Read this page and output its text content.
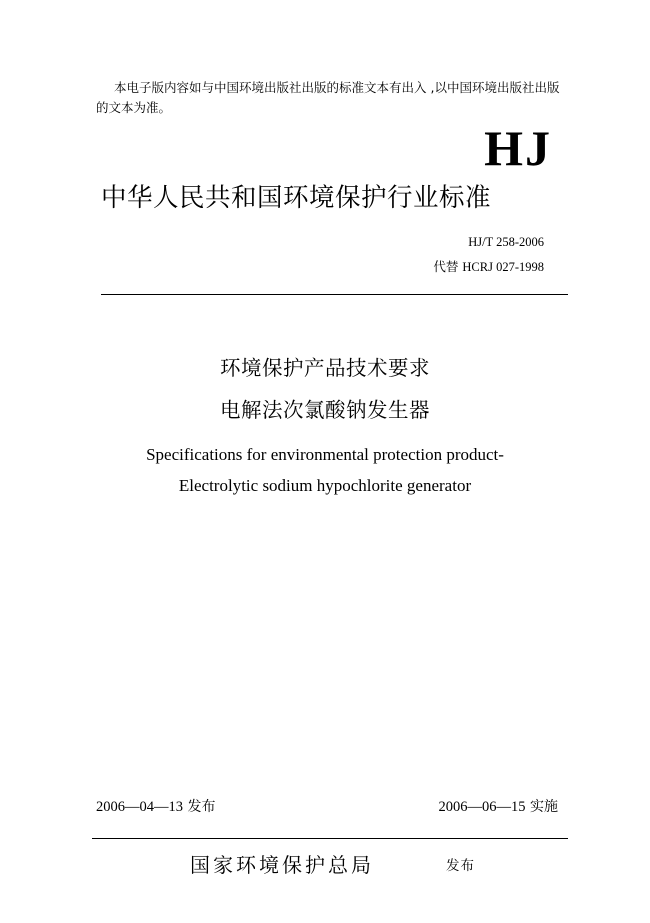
本电子版内容如与中国环境出版社出版的标准文本有出入 ,以中国环境出版社出版的文本为准。
HJ
中华人民共和国环境保护行业标准
HJ/T 258-2006
代替 HCRJ 027-1998
环境保护产品技术要求
电解法次氯酸钠发生器
Specifications for environmental protection product-
Electrolytic sodium hypochlorite generator
2006—04—13 发布	2006—06—15 实施
国家环境保护总局	发布
